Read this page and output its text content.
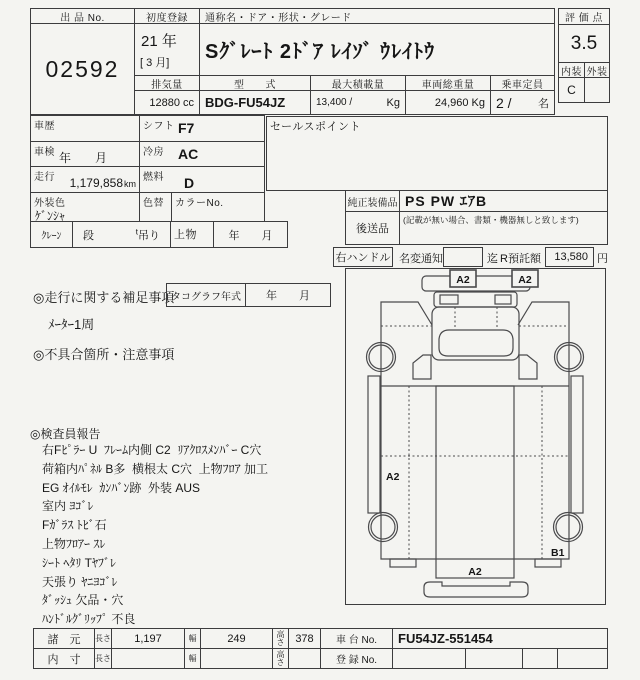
出 品 No.
02592
初度登録
21 年
[ 3 月]
通称名・ドア・形状・グレード
Sｸﾞﾚｰﾄ 2ﾄﾞｱ ﾚｲｿﾞ ｳﾚｲﾄｳ
評 価 点
3.5
内装 外装
C
排気量
12880 cc
型　　式
BDG-FU54JZ
最大積載量
13,400 /	Kg
車両総重量
24,960 Kg
乗車定員
2 / 名
車歴	シフト F7
車検 年　　月	冷房 AC
走行 1,179,858 km
燃料 D
外装色
ｹﾞﾝｼｬ
色替 カラーNo.
ｸﾚｰﾝ 段	$^t$吊り 上物	年　　月
セールスポイント
純正装備品 PS PW ｴｱB
後送品
(記載が無い場合、書類・機器無しと致します)
右ハンドル 名変通知	迄 R預託額	13,580 円
◎走行に関する補足事項
タコグラフ年式 年　　月
ﾒｰﾀｰ1周
◎不具合箇所・注意事項
◎検査員報告
右Fﾋﾟﾗｰ U  ﾌﾚｰﾑ内側 C2  ﾘｱｸﾛｽﾒﾝﾊﾞｰ C穴
荷箱内ﾊﾟﾈﾙ B多  横根太 C穴  上物ﾌﾛｱ 加工
EG ｵｲﾙﾓﾚ  ｶﾝﾊﾞﾝ跡  外装 AUS
室内 ﾖｺﾞﾚ
Fｶﾞﾗｽ ﾄﾋﾞ石
上物ﾌﾛｱｰ ｽﾚ
ｼｰﾄ ﾍﾀﾘ Tﾔﾌﾞﾚ
天張り ﾔﾆﾖｺﾞﾚ
ﾀﾞｯｼｭ 欠品・穴
ﾊﾝﾄﾞﾙｸﾞﾘｯﾌﾟ 不良
A2	A2
A2
B1
A2
諸　元 長さ 1,197	幅	249	高さ 378 車 台 No.	FU54JZ-551454
内　寸 長さ	幅	高さ	登 録 No.
